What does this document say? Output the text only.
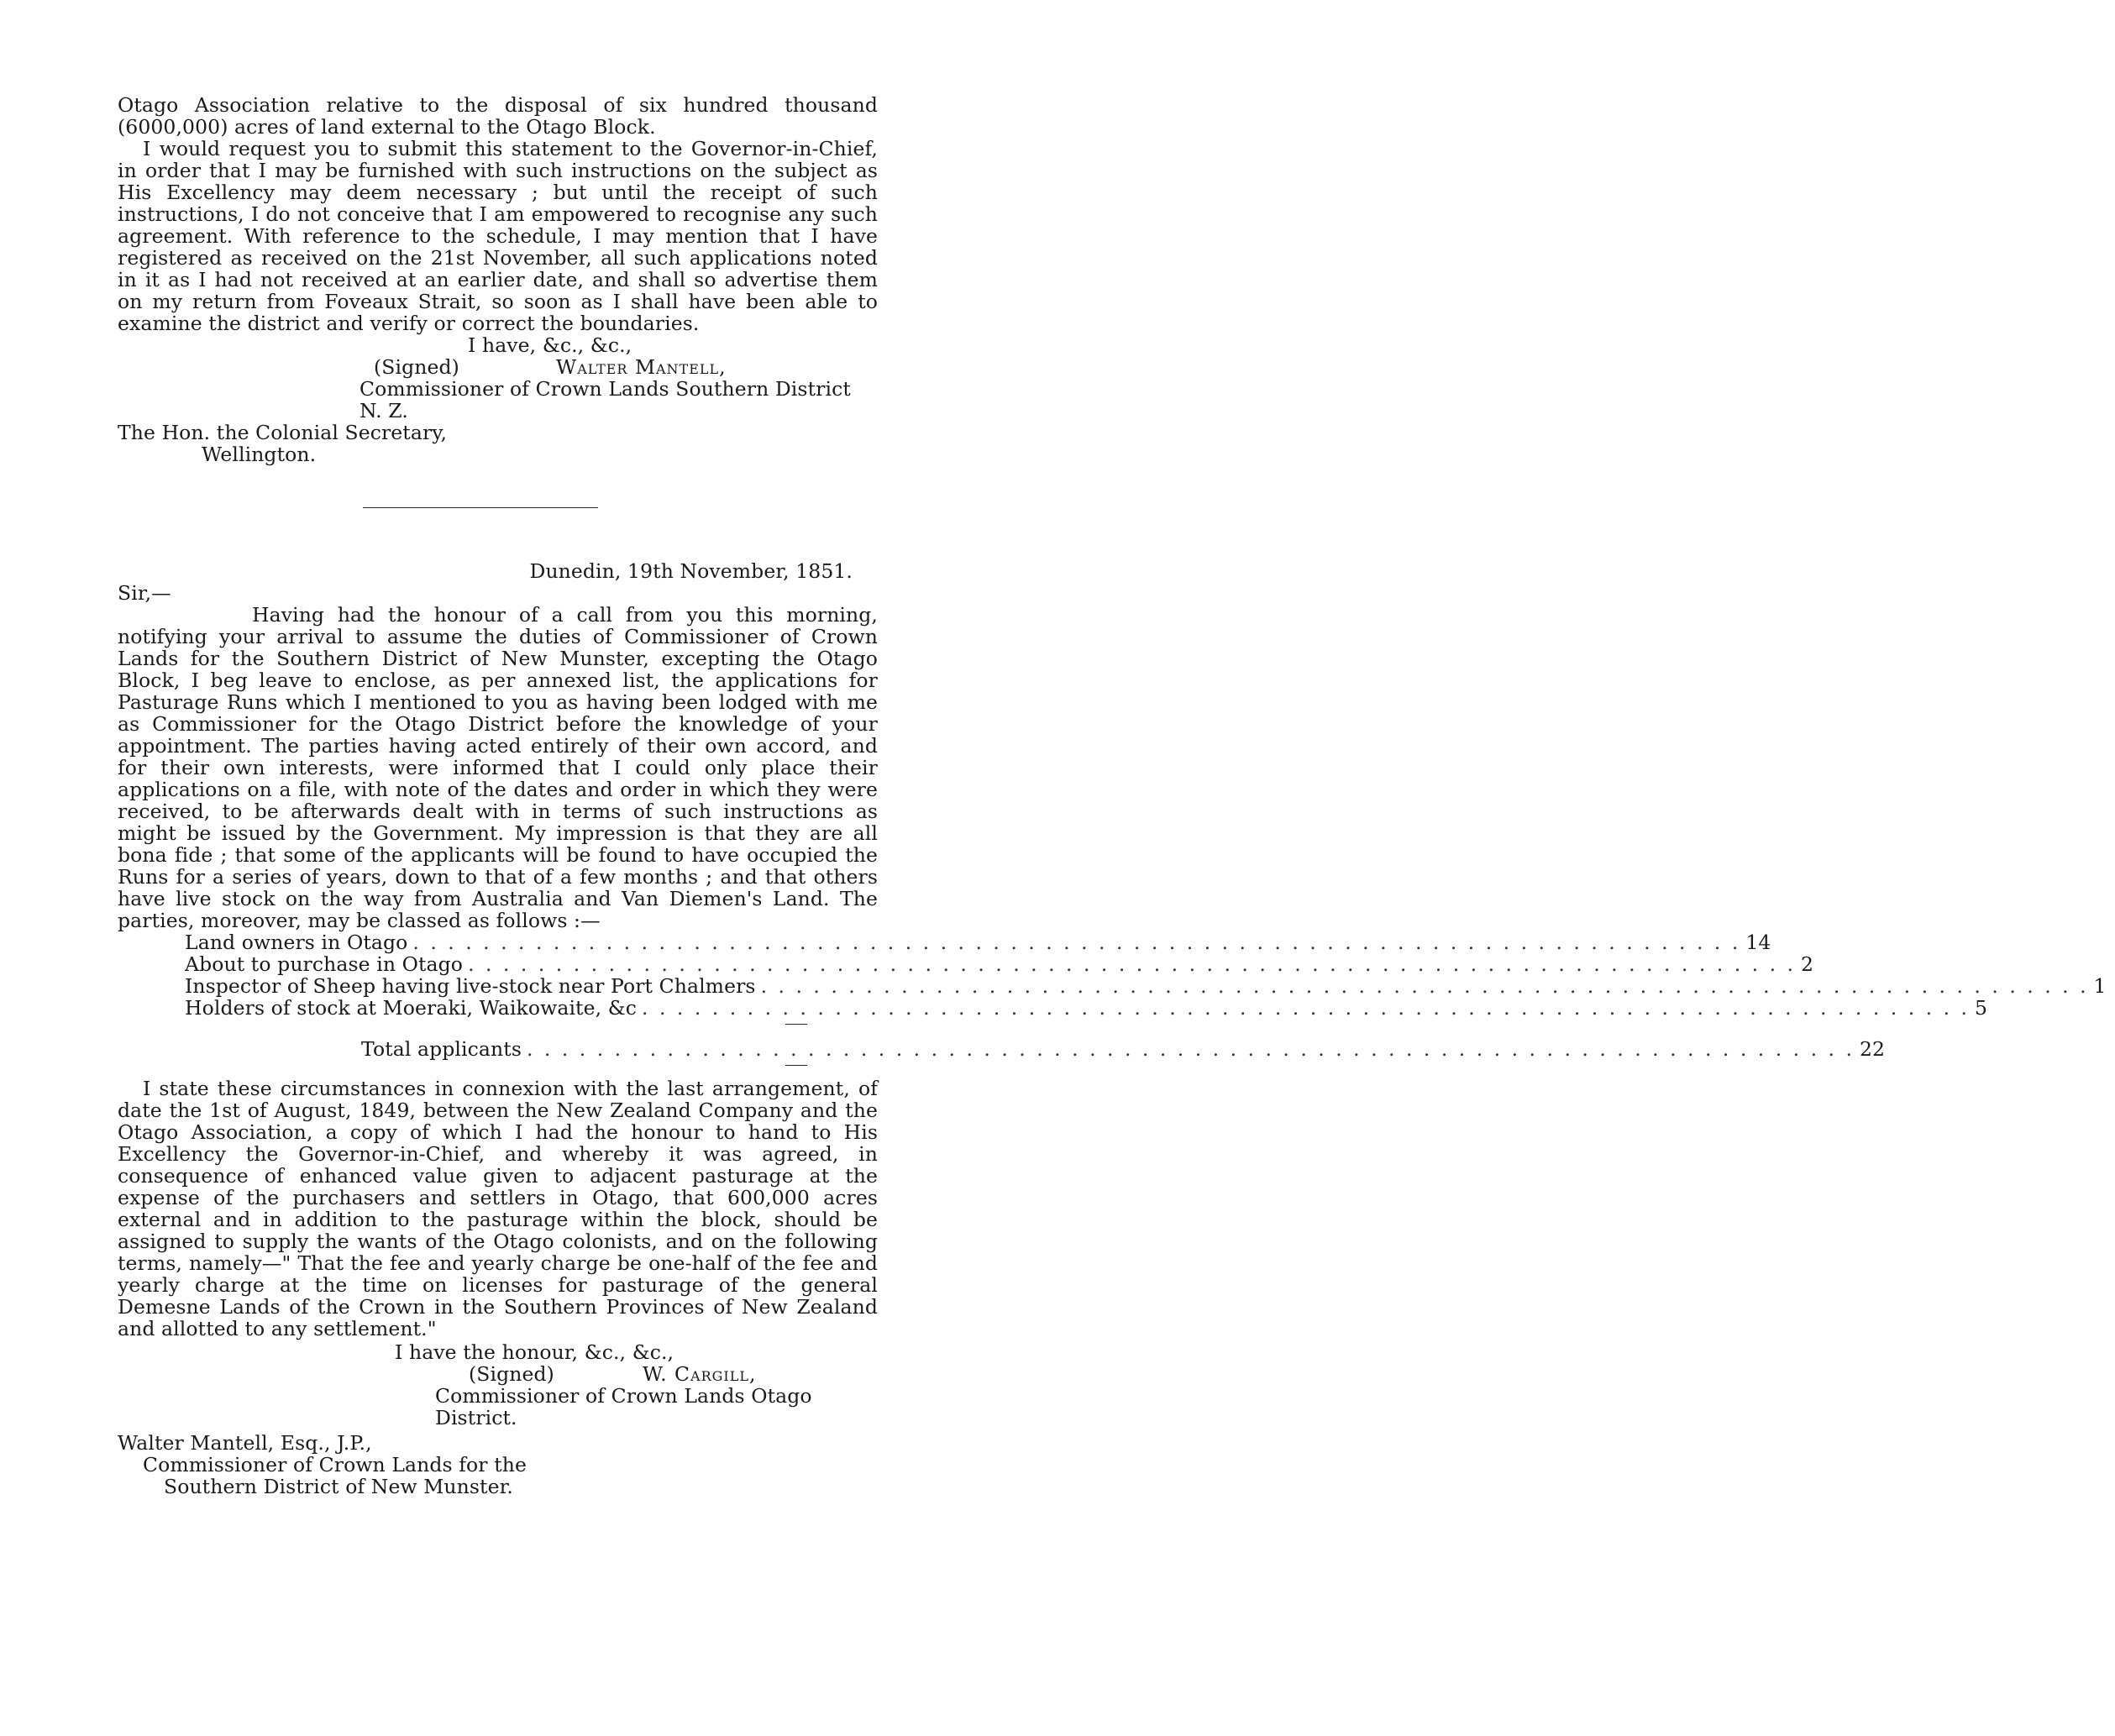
Otago Association relative to the disposal of six hundred thousand (6000,000) acres of land external to the Otago Block.

I would request you to submit this statement to the Governor-in-Chief, in order that I may be furnished with such instructions on the subject as His Excellency may deem necessary ; but until the receipt of such instructions, I do not conceive that I am empowered to recognise any such agreement. With reference to the schedule, I may mention that I have registered as received on the 21st November, all such applications noted in it as I had not received at an earlier date, and shall so advertise them on my return from Foveaux Strait, so soon as I shall have been able to examine the district and verify or correct the boundaries.

I have, &c., &c.,

(Signed)	Walter Mantell,

Commissioner of Crown Lands Southern District N. Z.

The Hon. the Colonial Secretary,

Wellington.

Dunedin, 19th November, 1851.

Sir,—

Having had the honour of a call from you this morning, notifying your arrival to assume the duties of Commissioner of Crown Lands for the Southern District of New Munster, excepting the Otago Block, I beg leave to enclose, as per annexed list, the applications for Pasturage Runs which I mentioned to you as having been lodged with me as Commissioner for the Otago District before the knowledge of your appointment. The parties having acted entirely of their own accord, and for their own interests, were informed that I could only place their applications on a file, with note of the dates and order in which they were received, to be afterwards dealt with in terms of such instructions as might be issued by the Government. My impression is that they are all bona fide ; that some of the applicants will be found to have occupied the Runs for a series of years, down to that of a few months ; and that others have live stock on the way from Australia and Van Diemen's Land. The parties, moreover, may be classed as follows :—

Land owners in Otago . . . . . . . . . . . . . . . . . . . . . . . . . . . . . . . . . . . . . . . . . . . . . . . . . . . . . . . . . . . . . . . . . . . . . . . . . . . . 14
About to purchase in Otago . . . . . . . . . . . . . . . . . . . . . . . . . . . . . . . . . . . . . . . . . . . . . . . . . . . . . . . . . . . . . . . . . . . . . . . . . . . . 2
Inspector of Sheep having live-stock near Port Chalmers . . . . . . . . . . . . . . . . . . . . . . . . . . . . . . . . . . . . . . . . . . . . . . . . . . . . . . . . . . . . . . . . . . . . . . . . . . . . 1
Holders of stock at Moeraki, Waikowaite, &c . . . . . . . . . . . . . . . . . . . . . . . . . . . . . . . . . . . . . . . . . . . . . . . . . . . . . . . . . . . . . . . . . . . . . . . . . . . . 5
Total applicants . . . . . . . . . . . . . . . . . . . . . . . . . . . . . . . . . . . . . . . . . . . . . . . . . . . . . . . . . . . . . . . . . . . . . . . . . . . . 22

I state these circumstances in connexion with the last arrangement, of date the 1st of August, 1849, between the New Zealand Company and the Otago Association, a copy of which I had the honour to hand to His Excellency the Governor-in-Chief, and whereby it was agreed, in consequence of enhanced value given to adjacent pasturage at the expense of the purchasers and settlers in Otago, that 600,000 acres external and in addition to the pasturage within the block, should be assigned to supply the wants of the Otago colonists, and on the following terms, namely—" That the fee and yearly charge be one-half of the fee and yearly charge at the time on licenses for pasturage of the general Demesne Lands of the Crown in the Southern Provinces of New Zealand and allotted to any settlement."

I have the honour, &c., &c.,

(Signed)	W. Cargill,

Commissioner of Crown Lands Otago District.

Walter Mantell, Esq., J.P.,

Commissioner of Crown Lands for the

Southern District of New Munster.
